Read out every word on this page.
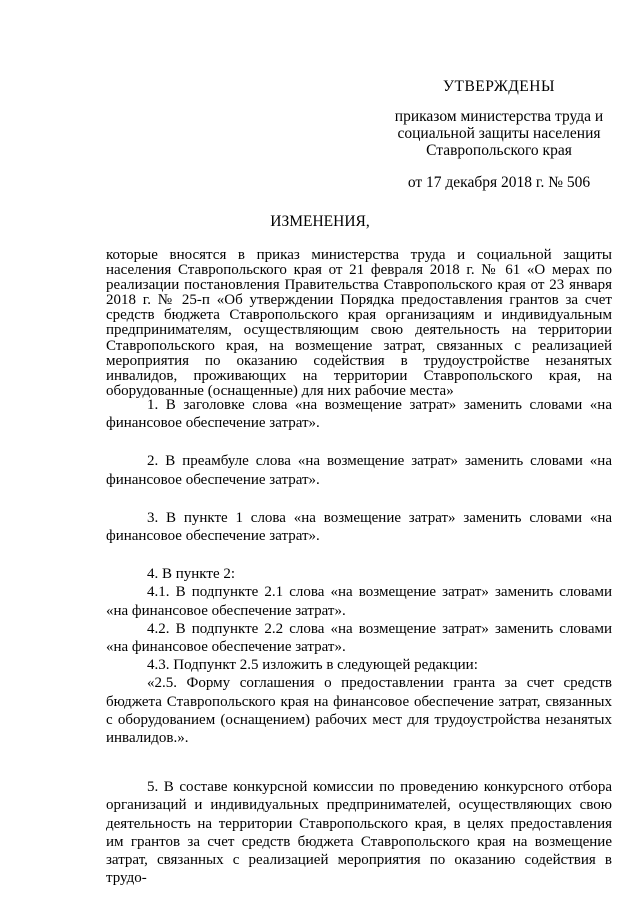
УТВЕРЖДЕНЫ
приказом министерства труда и
социальной защиты населения
Ставропольского края
от 17 декабря 2018 г. № 506
ИЗМЕНЕНИЯ,
которые вносятся в приказ министерства труда и социальной защиты населения Ставропольского края от 21 февраля 2018 г. № 61 «О мерах по реализации постановления Правительства Ставропольского края от 23 января 2018 г. № 25-п «Об утверждении Порядка предоставления грантов за счет средств бюджета Ставропольского края организациям и индивидуальным предпринимателям, осуществляющим свою деятельность на территории Ставропольского края, на возмещение затрат, связанных с реализацией мероприятия по оказанию содействия в трудоустройстве незанятых инвалидов, проживающих на территории Ставропольского края, на оборудованные (оснащенные) для них рабочие места»

1. В заголовке слова «на возмещение затрат» заменить словами «на финансовое обеспечение затрат».

2. В преамбуле слова «на возмещение затрат» заменить словами «на финансовое обеспечение затрат».

3. В пункте 1 слова «на возмещение затрат» заменить словами «на финансовое обеспечение затрат».

4. В пункте 2:

4.1. В подпункте 2.1 слова «на возмещение затрат» заменить словами «на финансовое обеспечение затрат».

4.2. В подпункте 2.2 слова «на возмещение затрат» заменить словами «на финансовое обеспечение затрат».

4.3. Подпункт 2.5 изложить в следующей редакции:

«2.5. Форму соглашения о предоставлении гранта за счет средств бюджета Ставропольского края на финансовое обеспечение затрат, связанных с оборудованием (оснащением) рабочих мест для трудоустройства незанятых инвалидов.».

5. В составе конкурсной комиссии по проведению конкурсного отбора организаций и индивидуальных предпринимателей, осуществляющих свою деятельность на территории Ставропольского края, в целях предоставления им грантов за счет средств бюджета Ставропольского края на возмещение затрат, связанных с реализацией мероприятия по оказанию содействия в трудо-
